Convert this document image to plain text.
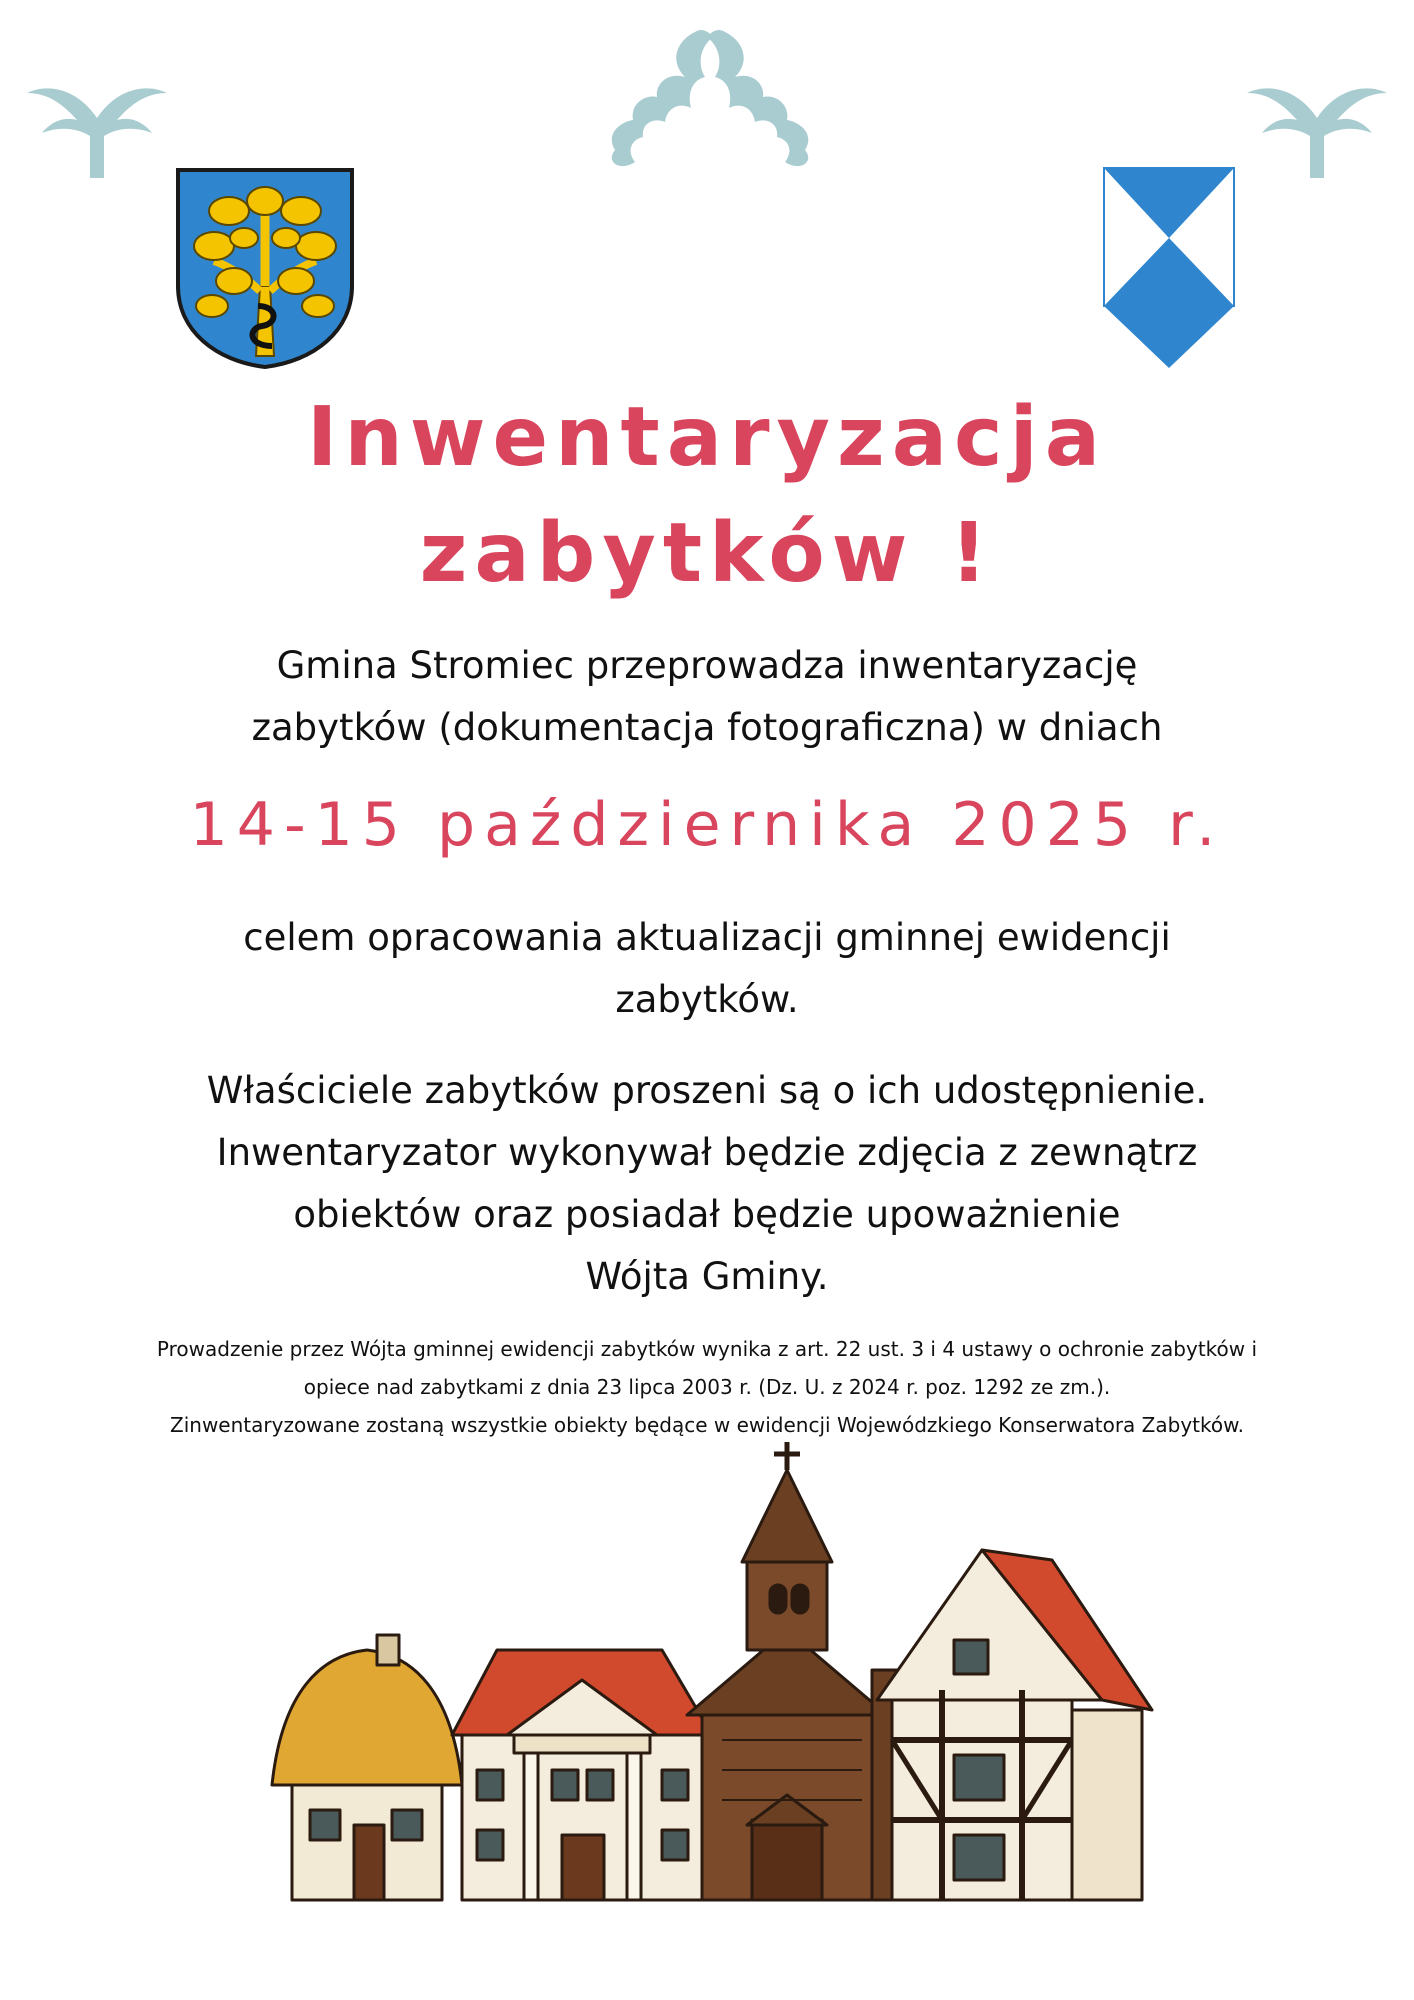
Inwentaryzacja
zabytków !
Gmina Stromiec przeprowadza inwentaryzację
zabytków (dokumentacja fotograficzna) w dniach
14-15 października 2025 r.
celem opracowania aktualizacji gminnej ewidencji
zabytków.
Właściciele zabytków proszeni są o ich udostępnienie.
Inwentaryzator wykonywał będzie zdjęcia z zewnątrz
obiektów oraz posiadał będzie upoważnienie
Wójta Gminy.
Prowadzenie przez Wójta gminnej ewidencji zabytków wynika z art. 22 ust. 3 i 4 ustawy o ochronie zabytków i
opiece nad zabytkami z dnia 23 lipca 2003 r. (Dz. U. z 2024 r. poz. 1292 ze zm.).
Zinwentaryzowane zostaną wszystkie obiekty będące w ewidencji Wojewódzkiego Konserwatora Zabytków.
